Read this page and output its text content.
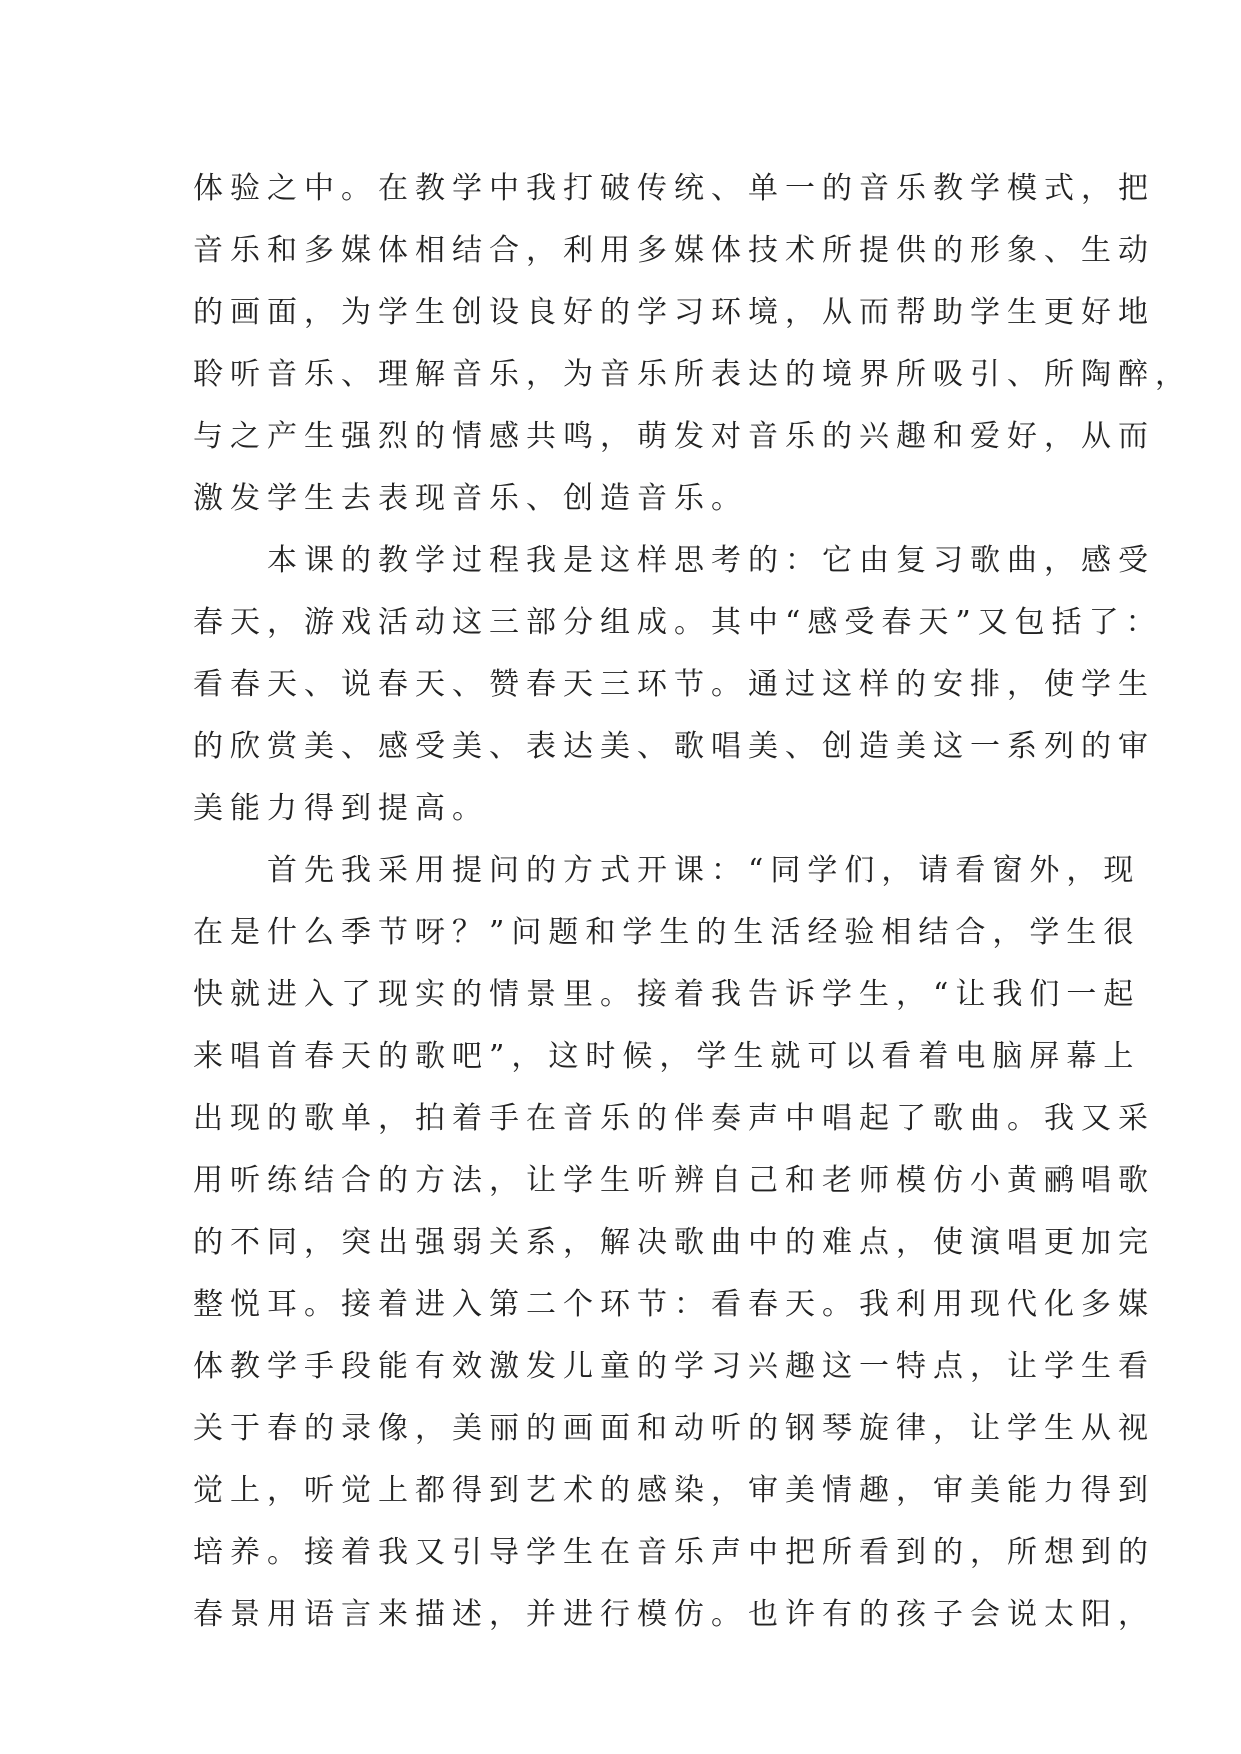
体验之中。在教学中我打破传统、单一的音乐教学模式，把
音乐和多媒体相结合，利用多媒体技术所提供的形象、生动
的画面，为学生创设良好的学习环境，从而帮助学生更好地
聆听音乐、理解音乐，为音乐所表达的境界所吸引、所陶醉，
与之产生强烈的情感共鸣，萌发对音乐的兴趣和爱好，从而
激发学生去表现音乐、创造音乐。
　　本课的教学过程我是这样思考的：它由复习歌曲，感受
春天，游戏活动这三部分组成。其中“感受春天”又包括了：
看春天、说春天、赞春天三环节。通过这样的安排，使学生
的欣赏美、感受美、表达美、歌唱美、创造美这一系列的审
美能力得到提高。
　　首先我采用提问的方式开课：“同学们，请看窗外，现
在是什么季节呀？”问题和学生的生活经验相结合，学生很
快就进入了现实的情景里。接着我告诉学生，“让我们一起
来唱首春天的歌吧”，这时候，学生就可以看着电脑屏幕上
出现的歌单，拍着手在音乐的伴奏声中唱起了歌曲。我又采
用听练结合的方法，让学生听辨自己和老师模仿小黄鹂唱歌
的不同，突出强弱关系，解决歌曲中的难点，使演唱更加完
整悦耳。接着进入第二个环节：看春天。我利用现代化多媒
体教学手段能有效激发儿童的学习兴趣这一特点，让学生看
关于春的录像，美丽的画面和动听的钢琴旋律，让学生从视
觉上，听觉上都得到艺术的感染，审美情趣，审美能力得到
培养。接着我又引导学生在音乐声中把所看到的，所想到的
春景用语言来描述，并进行模仿。也许有的孩子会说太阳，
